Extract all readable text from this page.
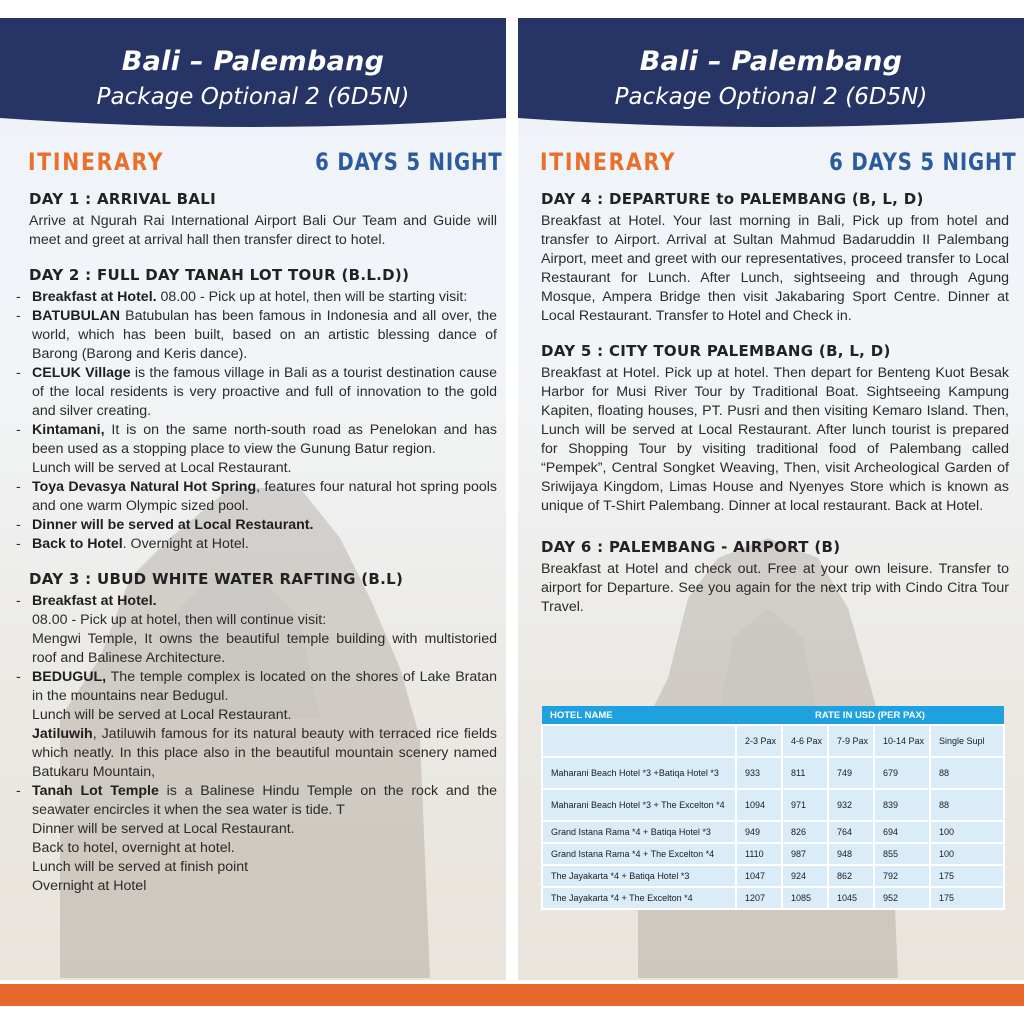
Bali – Palembang
Package Optional 2 (6D5N)
ITINERARY	6 DAYS 5 NIGHT
DAY 1 : ARRIVAL BALI
Arrive at Ngurah Rai International Airport Bali Our Team and Guide will meet and greet at arrival hall then transfer direct to hotel.
DAY 2 : FULL DAY TANAH LOT TOUR (B.L.D))
- Breakfast at Hotel. 08.00 - Pick up at hotel, then will be starting visit:
- BATUBULAN Batubulan has been famous in Indonesia and all over, the world, which has been built, based on an artistic blessing dance of Barong (Barong and Keris dance).
- CELUK Village is the famous village in Bali as a tourist destination cause of the local residents is very proactive and full of innovation to the gold and silver creating.
- Kintamani, It is on the same north-south road as Penelokan and has been used as a stopping place to view the Gunung Batur region.
Lunch will be served at Local Restaurant.
- Toya Devasya Natural Hot Spring, features four natural hot spring pools and one warm Olympic sized pool.
- Dinner will be served at Local Restaurant.
- Back to Hotel. Overnight at Hotel.
DAY 3 : UBUD WHITE WATER RAFTING (B.L)
- Breakfast at Hotel.
08.00 - Pick up at hotel, then will continue visit:
Mengwi Temple, It owns the beautiful temple building with multistoried roof and Balinese Architecture.
- BEDUGUL, The temple complex is located on the shores of Lake Bratan in the mountains near Bedugul.
Lunch will be served at Local Restaurant.
Jatiluwih, Jatiluwih famous for its natural beauty with terraced rice fields which neatly. In this place also in the beautiful mountain scenery named Batukaru Mountain,
- Tanah Lot Temple is a Balinese Hindu Temple on the rock and the seawater encircles it when the sea water is tide. T
Dinner will be served at Local Restaurant.
Back to hotel, overnight at hotel.
Lunch will be served at finish point
Overnight at Hotel
Bali – Palembang
Package Optional 2 (6D5N)
ITINERARY	6 DAYS 5 NIGHT
DAY 4 : DEPARTURE to PALEMBANG (B, L, D)
Breakfast at Hotel. Your last morning in Bali, Pick up from hotel and transfer to Airport. Arrival at Sultan Mahmud Badaruddin II Palembang Airport, meet and greet with our representatives, proceed transfer to Local Restaurant for Lunch. After Lunch, sightseeing and through Agung Mosque, Ampera Bridge then visit Jakabaring Sport Centre. Dinner at Local Restaurant. Transfer to Hotel and Check in.
DAY 5 : CITY TOUR PALEMBANG (B, L, D)
Breakfast at Hotel. Pick up at hotel. Then depart for Benteng Kuot Besak Harbor for Musi River Tour by Traditional Boat. Sightseeing Kampung Kapiten, floating houses, PT. Pusri and then visiting Kemaro Island. Then, Lunch will be served at Local Restaurant. After lunch tourist is prepared for Shopping Tour by visiting traditional food of Palembang called “Pempek”, Central Songket Weaving, Then, visit Archeological Garden of Sriwijaya Kingdom, Limas House and Nyenyes Store which is known as unique of T-Shirt Palembang. Dinner at local restaurant. Back at Hotel.
DAY 6 : PALEMBANG - AIRPORT (B)
Breakfast at Hotel and check out. Free at your own leisure. Transfer to airport for Departure. See you again for the next trip with Cindo Citra Tour Travel.
HOTEL NAME	RATE IN USD (PER PAX)				
	2-3 Pax	4-6 Pax	7-9 Pax	10-14 Pax	Single Supl
Maharani Beach Hotel *3 +Batiqa Hotel *3	933	811	749	679	88
Maharani Beach Hotel *3 + The Excelton *4	1094	971	932	839	88
Grand Istana Rama *4 + Batiqa Hotel *3	949	826	764	694	100
Grand Istana Rama *4 + The Excelton *4	1110	987	948	855	100
The Jayakarta *4 + Batiqa Hotel *3	1047	924	862	792	175
The Jayakarta *4 + The Excelton *4	1207	1085	1045	952	175
